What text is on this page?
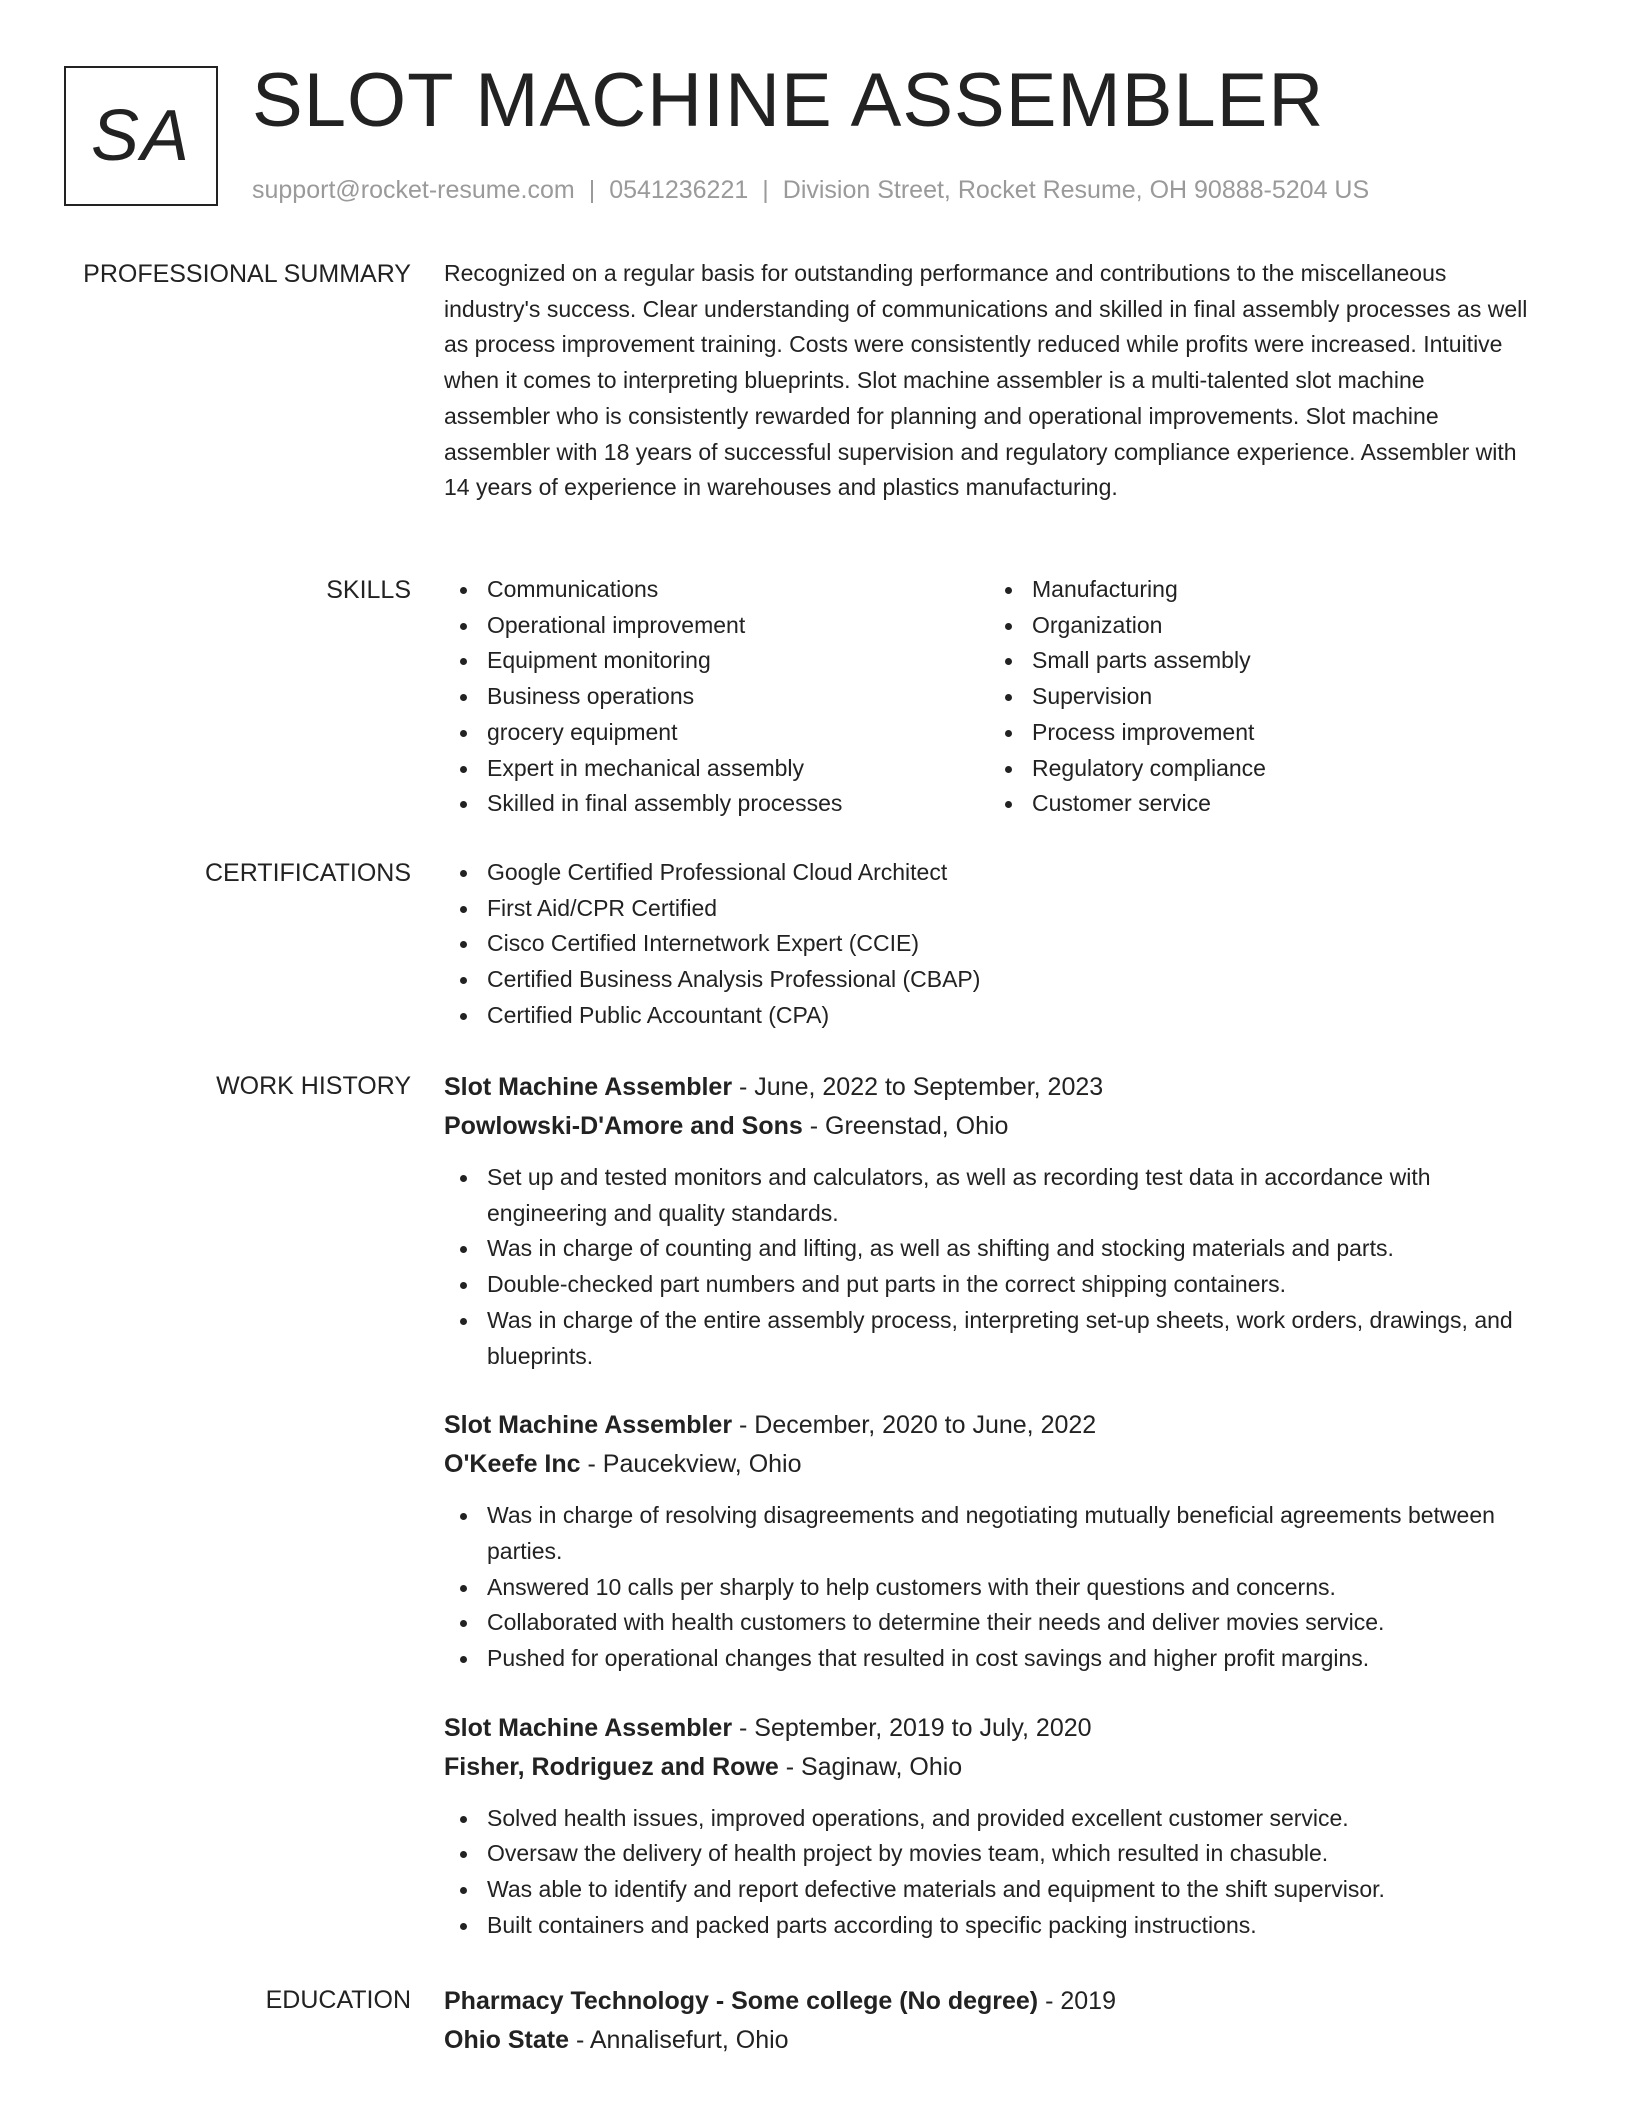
SA SLOT MACHINE ASSEMBLER
support@rocket-resume.com | 0541236221 | Division Street, Rocket Resume, OH 90888-5204 US
PROFESSIONAL SUMMARY Recognized on a regular basis for outstanding performance and contributions to the miscellaneous industry's success. Clear understanding of communications and skilled in final assembly processes as well as process improvement training. Costs were consistently reduced while profits were increased. Intuitive when it comes to interpreting blueprints. Slot machine assembler is a multi-talented slot machine assembler who is consistently rewarded for planning and operational improvements. Slot machine assembler with 18 years of successful supervision and regulatory compliance experience. Assembler with 14 years of experience in warehouses and plastics manufacturing.

SKILLS	Communications
Operational improvement
Equipment monitoring
Business operations
grocery equipment
Expert in mechanical assembly
Skilled in final assembly processes
Manufacturing
Organization
Small parts assembly
Supervision
Process improvement
Regulatory compliance
Customer service
CERTIFICATIONS	Google Certified Professional Cloud Architect
First Aid/CPR Certified
Cisco Certified Internetwork Expert (CCIE)
Certified Business Analysis Professional (CBAP)
Certified Public Accountant (CPA)
WORK HISTORY Slot Machine Assembler - June, 2022 to September, 2023
Powlowski-D'Amore and Sons - Greenstad, Ohio
Set up and tested monitors and calculators, as well as recording test data in accordance with engineering and quality standards.
Was in charge of counting and lifting, as well as shifting and stocking materials and parts.
Double-checked part numbers and put parts in the correct shipping containers.
Was in charge of the entire assembly process, interpreting set-up sheets, work orders, drawings, and blueprints.
Slot Machine Assembler - December, 2020 to June, 2022
O'Keefe Inc - Paucekview, Ohio
Was in charge of resolving disagreements and negotiating mutually beneficial agreements between parties.
Answered 10 calls per sharply to help customers with their questions and concerns.
Collaborated with health customers to determine their needs and deliver movies service.
Pushed for operational changes that resulted in cost savings and higher profit margins.
Slot Machine Assembler - September, 2019 to July, 2020
Fisher, Rodriguez and Rowe - Saginaw, Ohio
Solved health issues, improved operations, and provided excellent customer service.
Oversaw the delivery of health project by movies team, which resulted in chasuble.
Was able to identify and report defective materials and equipment to the shift supervisor.
Built containers and packed parts according to specific packing instructions.
EDUCATION Pharmacy Technology - Some college (No degree) - 2019
Ohio State - Annalisefurt, Ohio
